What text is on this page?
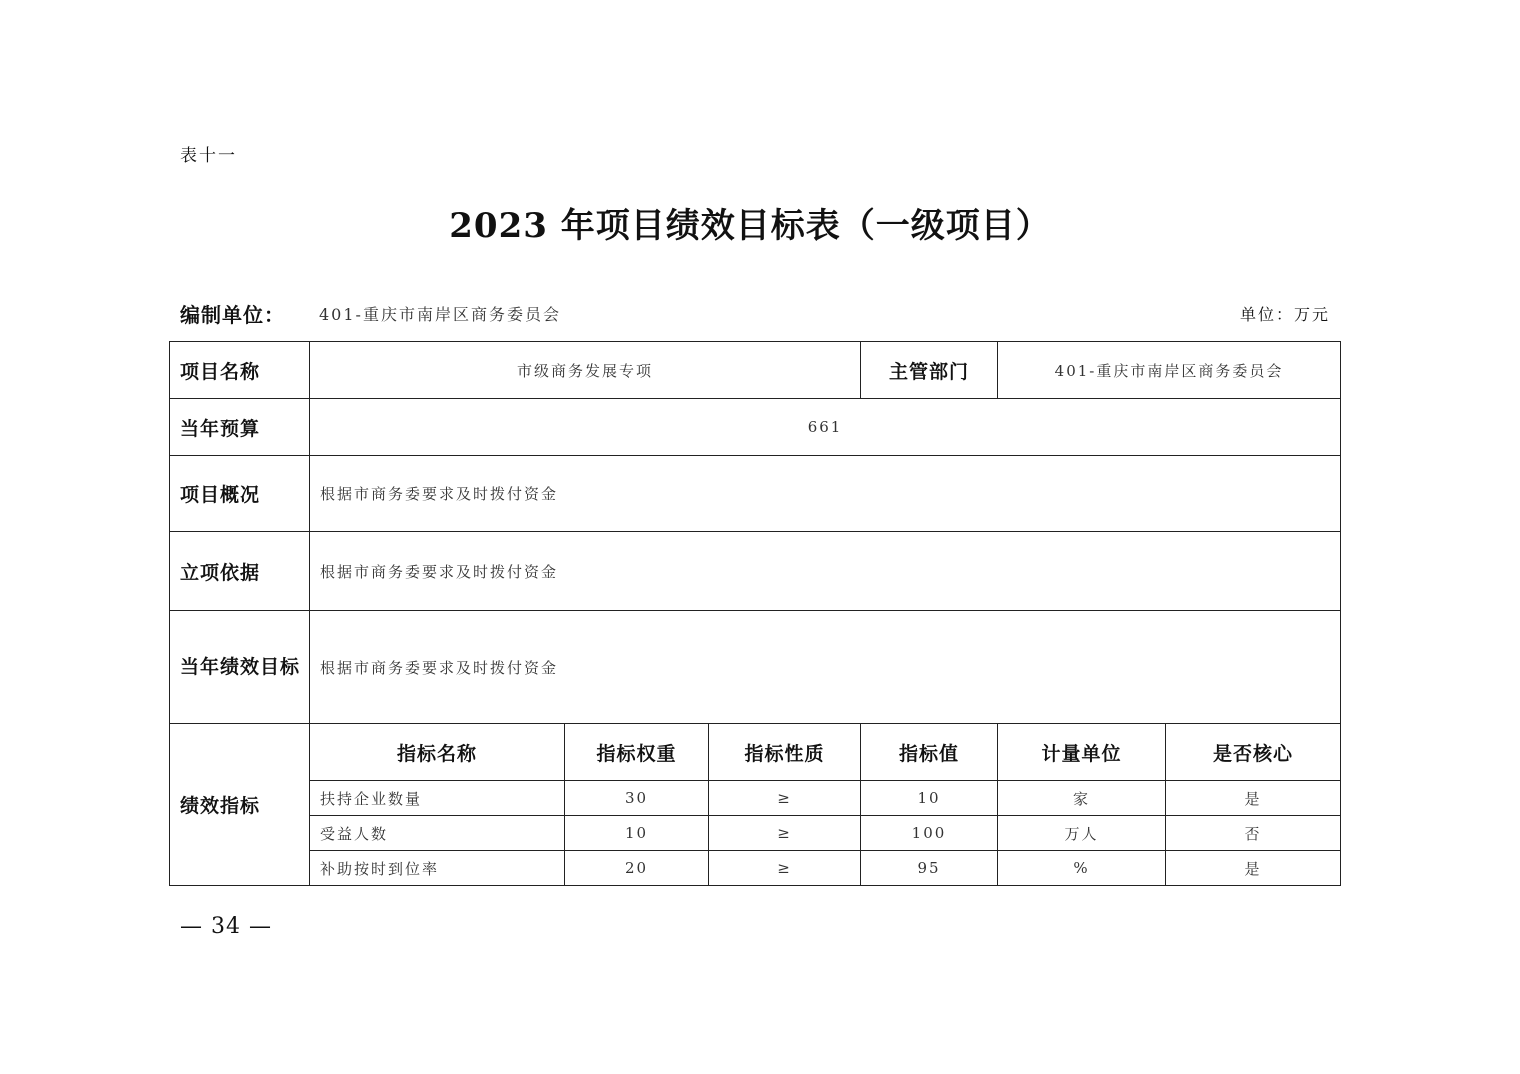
表十一
2023 年项目绩效目标表（一级项目）
编制单位： 401-重庆市南岸区商务委员会	单位：万元
项目名称	市级商务发展专项			主管部门	401-重庆市南岸区商务委员会	
当年预算	661					
项目概况	根据市商务委要求及时拨付资金					
立项依据	根据市商务委要求及时拨付资金					
当年绩效目标	根据市商务委要求及时拨付资金					
绩效指标	指标名称	指标权重	指标性质	指标值	计量单位	是否核心
	扶持企业数量	30	≥	10	家	是
	受益人数	10	≥	100	万人	否
	补助按时到位率	20	≥	95	%	是
— 34 —
